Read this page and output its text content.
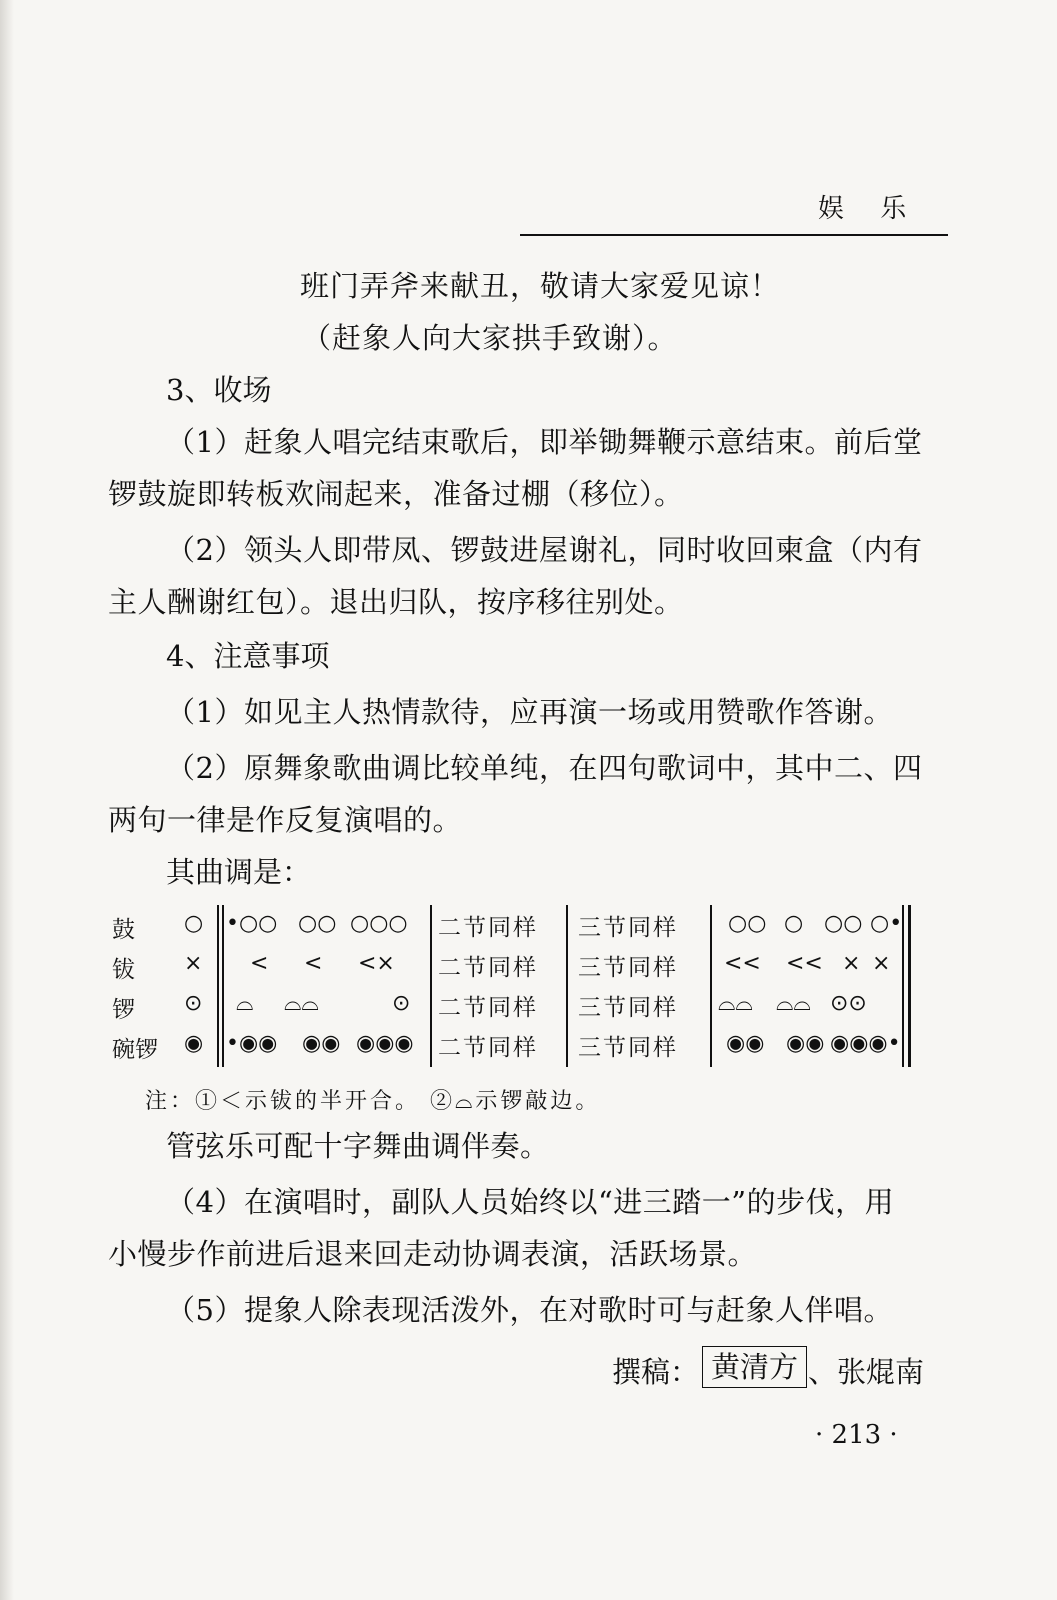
娱 乐
班门弄斧来献丑，敬请大家爱见谅！
（赶象人向大家拱手致谢）。
3、收场
（1）赶象人唱完结束歌后，即举锄舞鞭示意结束。前后堂
锣鼓旋即转板欢闹起来，准备过棚（移位）。
（2）领头人即带凤、锣鼓进屋谢礼，同时收回柬盒（内有
主人酬谢红包）。退出归队，按序移往别处。
4、注意事项
（1）如见主人热情款待，应再演一场或用赞歌作答谢。
（2）原舞象歌曲调比较单纯，在四句歌词中，其中二、四
两句一律是作反复演唱的。
其曲调是：
鼓
钹
锣
碗锣
○
×
⊙
◉
•○○ ○○ ○○○
< < <×
⌓ ⌓⌓	⊙
•◉◉ ◉◉ ◉◉◉
二节同样
二节同样
二节同样
二节同样
三节同样
三节同样
三节同样
三节同样
○○ ○ ○○ ○•
<< << × ×
⌓⌓ ⌓⌓ ⊙⊙
◉◉ ◉◉ ◉◉◉•
注：①＜示钹的半开合。 ②⌓示锣敲边。
管弦乐可配十字舞曲调伴奏。
（4）在演唱时，副队人员始终以“进三踏一”的步伐，用
小慢步作前进后退来回走动协调表演，活跃场景。
（5）提象人除表现活泼外，在对歌时可与赶象人伴唱。
撰稿： 黄清方 、张焜南
· 213 ·
